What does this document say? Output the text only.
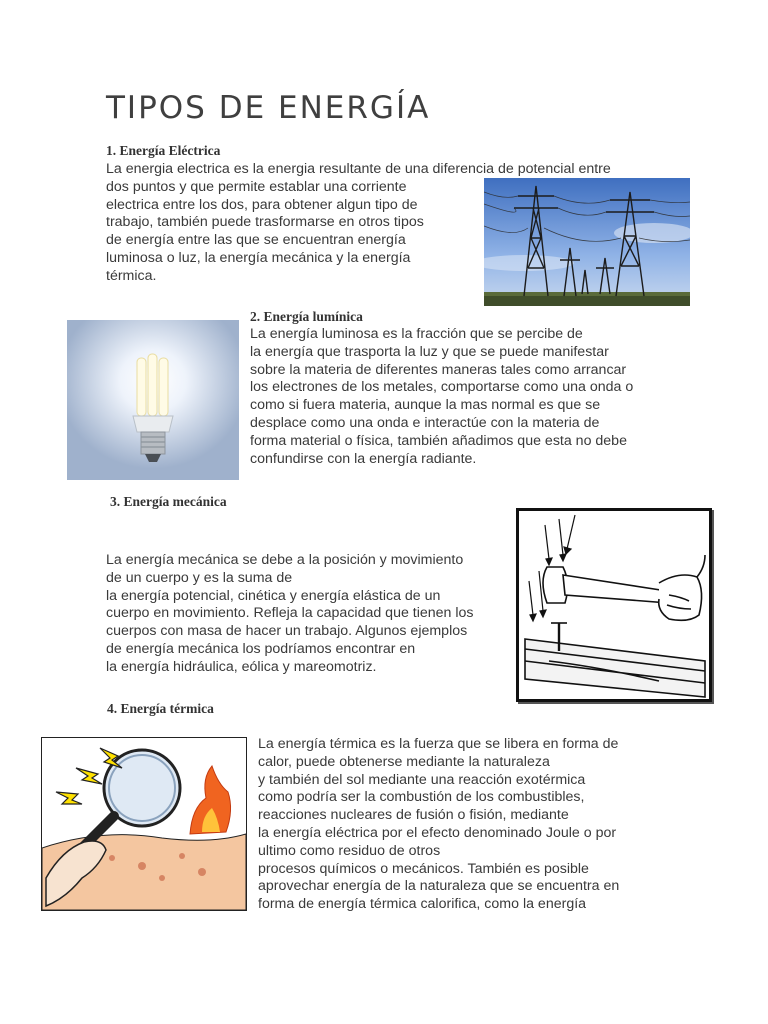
TIPOS DE ENERGÍA
1. Energía Eléctrica
La energia electrica es la energia resultante de una diferencia de potencial entre
dos puntos y que permite establar una corriente
electrica entre los dos, para obtener algun tipo de
trabajo, también puede trasformarse en otros tipos
de energía entre las que se encuentran energía
luminosa o luz, la energía mecánica y la energía
térmica.
2. Energía lumínica
La energía luminosa es la fracción que se percibe de
la energía que trasporta la luz y que se puede manifestar
sobre la materia de diferentes maneras tales como arrancar
los electrones de los metales, comportarse como una onda o
como si fuera materia, aunque la mas normal es que se
desplace como una onda e interactúe con la materia de
forma material o física, también añadimos que esta no debe
confundirse con la energía radiante.
3. Energía mecánica
La energía mecánica se debe a la posición y movimiento
de un cuerpo y es la suma de
la energía potencial, cinética y energía elástica de un
cuerpo en movimiento. Refleja la capacidad que tienen los
cuerpos con masa de hacer un trabajo. Algunos ejemplos
de energía mecánica los podríamos encontrar en
la energía hidráulica, eólica y mareomotriz.
4. Energía térmica
La energía térmica es la fuerza que se libera en forma de
calor, puede obtenerse mediante la naturaleza
y también del sol mediante una reacción exotérmica
como podría ser la combustión de los combustibles,
reacciones nucleares de fusión o fisión, mediante
la energía eléctrica por el efecto denominado Joule o por
ultimo como residuo de otros
procesos químicos o mecánicos. También es posible
aprovechar energía de la naturaleza que se encuentra en
forma de energía térmica calorifica, como la energía
